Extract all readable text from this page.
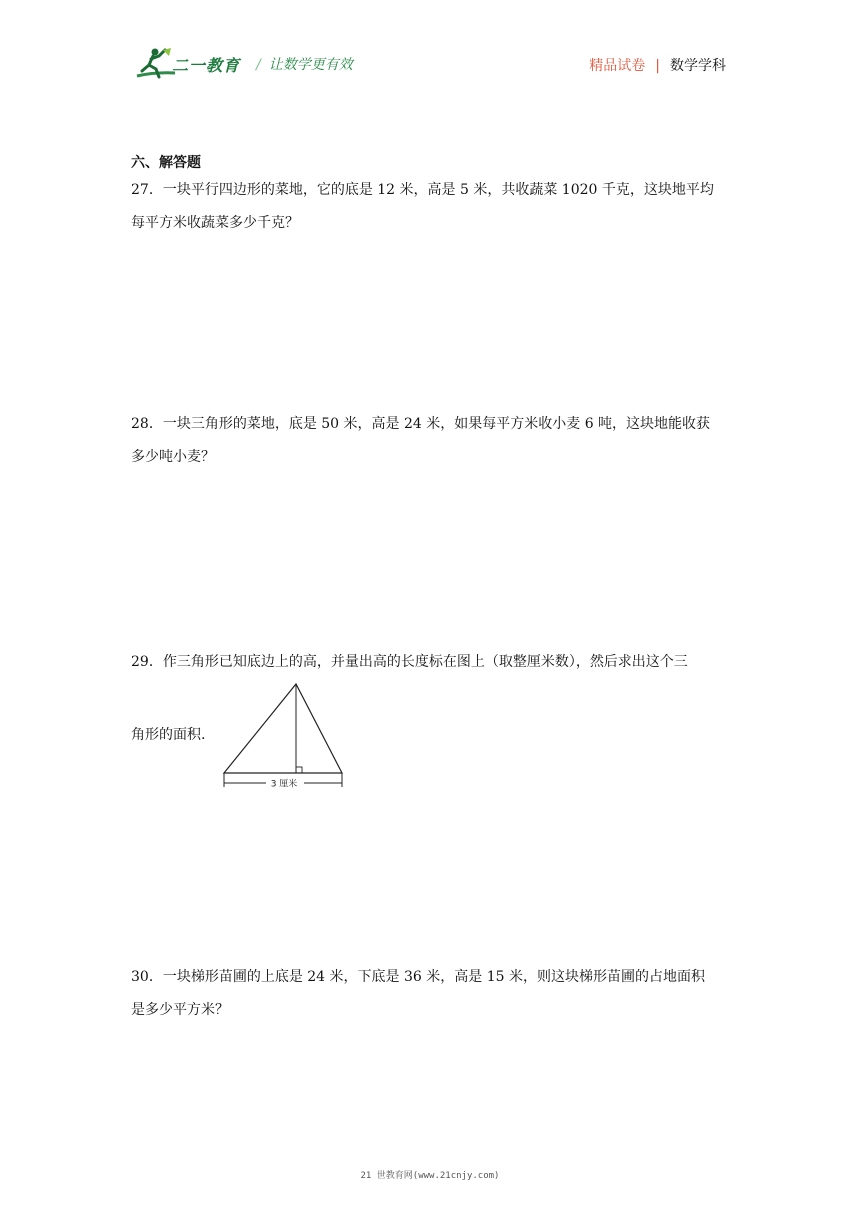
二一教育 / 让数学更有效	精品试卷 | 数学学科
六、解答题
27．一块平行四边形的菜地，它的底是 12 米，高是 5 米，共收蔬菜 1020 千克，这块地平均
每平方米收蔬菜多少千克？
28．一块三角形的菜地，底是 50 米，高是 24 米，如果每平方米收小麦 6 吨，这块地能收获
多少吨小麦？
29．作三角形已知底边上的高，并量出高的长度标在图上（取整厘米数），然后求出这个三
角形的面积.
3 厘米
30．一块梯形苗圃的上底是 24 米，下底是 36 米，高是 15 米，则这块梯形苗圃的占地面积
是多少平方米？
21 世教育网(www.21cnjy.com)
